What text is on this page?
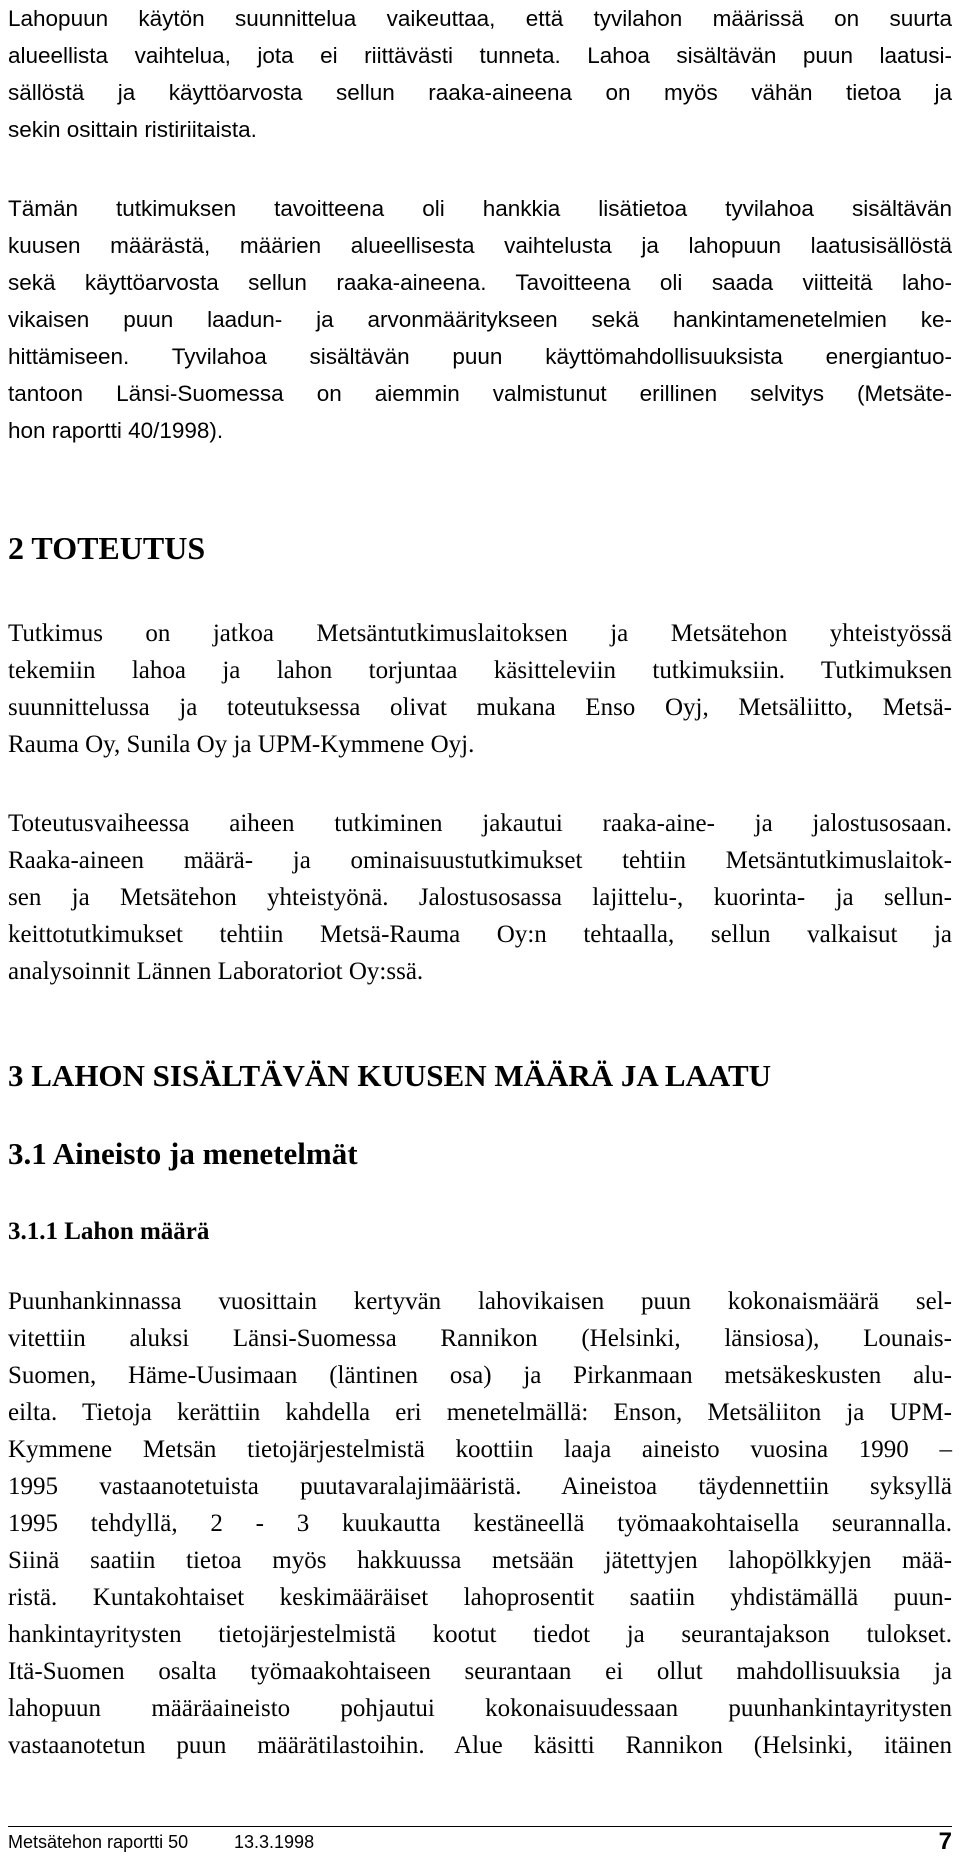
Lahopuun käytön suunnittelua vaikeuttaa, että tyvilahon määrissä on suurta
alueellista vaihtelua, jota ei riittävästi tunneta. Lahoa sisältävän puun laatusi-
sällöstä ja käyttöarvosta sellun raaka-aineena on myös vähän tietoa ja
sekin osittain ristiriitaista.
Tämän tutkimuksen tavoitteena oli hankkia lisätietoa tyvilahoa sisältävän
kuusen määrästä, määrien alueellisesta vaihtelusta ja lahopuun laatusisällöstä
sekä käyttöarvosta sellun raaka-aineena. Tavoitteena oli saada viitteitä laho-
vikaisen puun laadun- ja arvonmääritykseen sekä hankintamenetelmien ke-
hittämiseen. Tyvilahoa sisältävän puun käyttömahdollisuuksista energiantuo-
tantoon Länsi-Suomessa on aiemmin valmistunut erillinen selvitys (Metsäte-
hon raportti 40/1998).
2 TOTEUTUS
Tutkimus on jatkoa Metsäntutkimuslaitoksen ja Metsätehon yhteistyössä
tekemiin lahoa ja lahon torjuntaa käsitteleviin tutkimuksiin. Tutkimuksen
suunnittelussa ja toteutuksessa olivat mukana Enso Oyj, Metsäliitto, Metsä-
Rauma Oy, Sunila Oy ja UPM-Kymmene Oyj.
Toteutusvaiheessa aiheen tutkiminen jakautui raaka-aine- ja jalostusosaan.
Raaka-aineen määrä- ja ominaisuustutkimukset tehtiin Metsäntutkimuslaitok-
sen ja Metsätehon yhteistyönä. Jalostusosassa lajittelu-, kuorinta- ja sellun-
keittotutkimukset tehtiin Metsä-Rauma Oy:n tehtaalla, sellun valkaisut ja
analysoinnit Lännen Laboratoriot Oy:ssä.
3 LAHON SISÄLTÄVÄN KUUSEN MÄÄRÄ JA LAATU
3.1 Aineisto ja menetelmät
3.1.1 Lahon määrä
Puunhankinnassa vuosittain kertyvän lahovikaisen puun kokonaismäärä sel-
vitettiin aluksi Länsi-Suomessa Rannikon (Helsinki, länsiosa), Lounais-
Suomen, Häme-Uusimaan (läntinen osa) ja Pirkanmaan metsäkeskusten alu-
eilta. Tietoja kerättiin kahdella eri menetelmällä: Enson, Metsäliiton ja UPM-
Kymmene Metsän tietojärjestelmistä koottiin laaja aineisto vuosina 1990 –
1995 vastaanotetuista puutavaralajimääristä. Aineistoa täydennettiin syksyllä
1995 tehdyllä, 2 - 3 kuukautta kestäneellä työmaakohtaisella seurannalla.
Siinä saatiin tietoa myös hakkuussa metsään jätettyjen lahopölkkyjen mää-
ristä. Kuntakohtaiset keskimääräiset lahoprosentit saatiin yhdistämällä puun-
hankintayritysten tietojärjestelmistä kootut tiedot ja seurantajakson tulokset.
Itä-Suomen osalta työmaakohtaiseen seurantaan ei ollut mahdollisuuksia ja
lahopuun määräaineisto pohjautui kokonaisuudessaan puunhankintayritysten
vastaanotetun puun määrätilastoihin. Alue käsitti Rannikon (Helsinki, itäinen
Metsätehon raportti 50	13.3.1998	7
